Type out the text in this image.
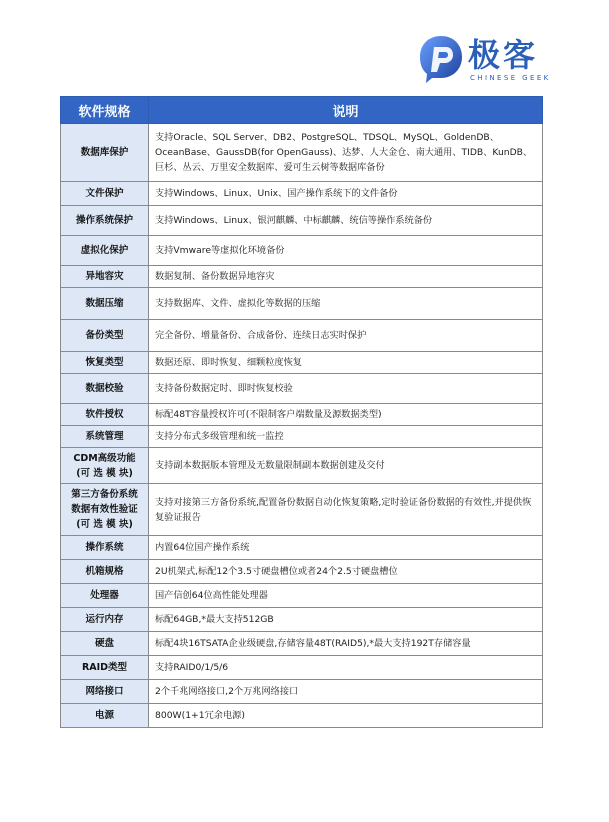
极客
CHINESE GEEK
软件规格	说明
数据库保护	支持Oracle、SQL Server、DB2、PostgreSQL、TDSQL、MySQL、GoldenDB、OceanBase、GaussDB(for OpenGauss)、达梦、人大金仓、南大通用、TIDB、KunDB、巨杉、丛云、万里安全数据库、爱可生云树等数据库备份
文件保护	支持Windows、Linux、Unix、国产操作系统下的文件备份
操作系统保护	支持Windows、Linux、银河麒麟、中标麒麟、统信等操作系统备份
虚拟化保护	支持Vmware等虚拟化环境备份
异地容灾	数据复制、备份数据异地容灾
数据压缩	支持数据库、文件、虚拟化等数据的压缩
备份类型	完全备份、增量备份、合成备份、连续日志实时保护
恢复类型	数据还原、即时恢复、细颗粒度恢复
数据校验	支持备份数据定时、即时恢复校验
软件授权	标配48T容量授权许可(不限制客户端数量及源数据类型)
系统管理	支持分布式多级管理和统一监控
CDM高级功能
(可 选 模 块)	支持副本数据版本管理及无数量限制副本数据创建及交付
第三方备份系统
数据有效性验证
(可 选 模 块)	支持对接第三方备份系统,配置备份数据自动化恢复策略,定时验证备份数据的有效性,并提供恢复验证报告
操作系统	内置64位国产操作系统
机箱规格	2U机架式,标配12个3.5寸硬盘槽位或者24个2.5寸硬盘槽位
处理器	国产信创64位高性能处理器
运行内存	标配64GB,*最大支持512GB
硬盘	标配4块16TSATA企业级硬盘,存储容量48T(RAID5),*最大支持192T存储容量
RAID类型	支持RAID0/1/5/6
网络接口	2个千兆网络接口,2个万兆网络接口
电源	800W(1+1冗余电源)
